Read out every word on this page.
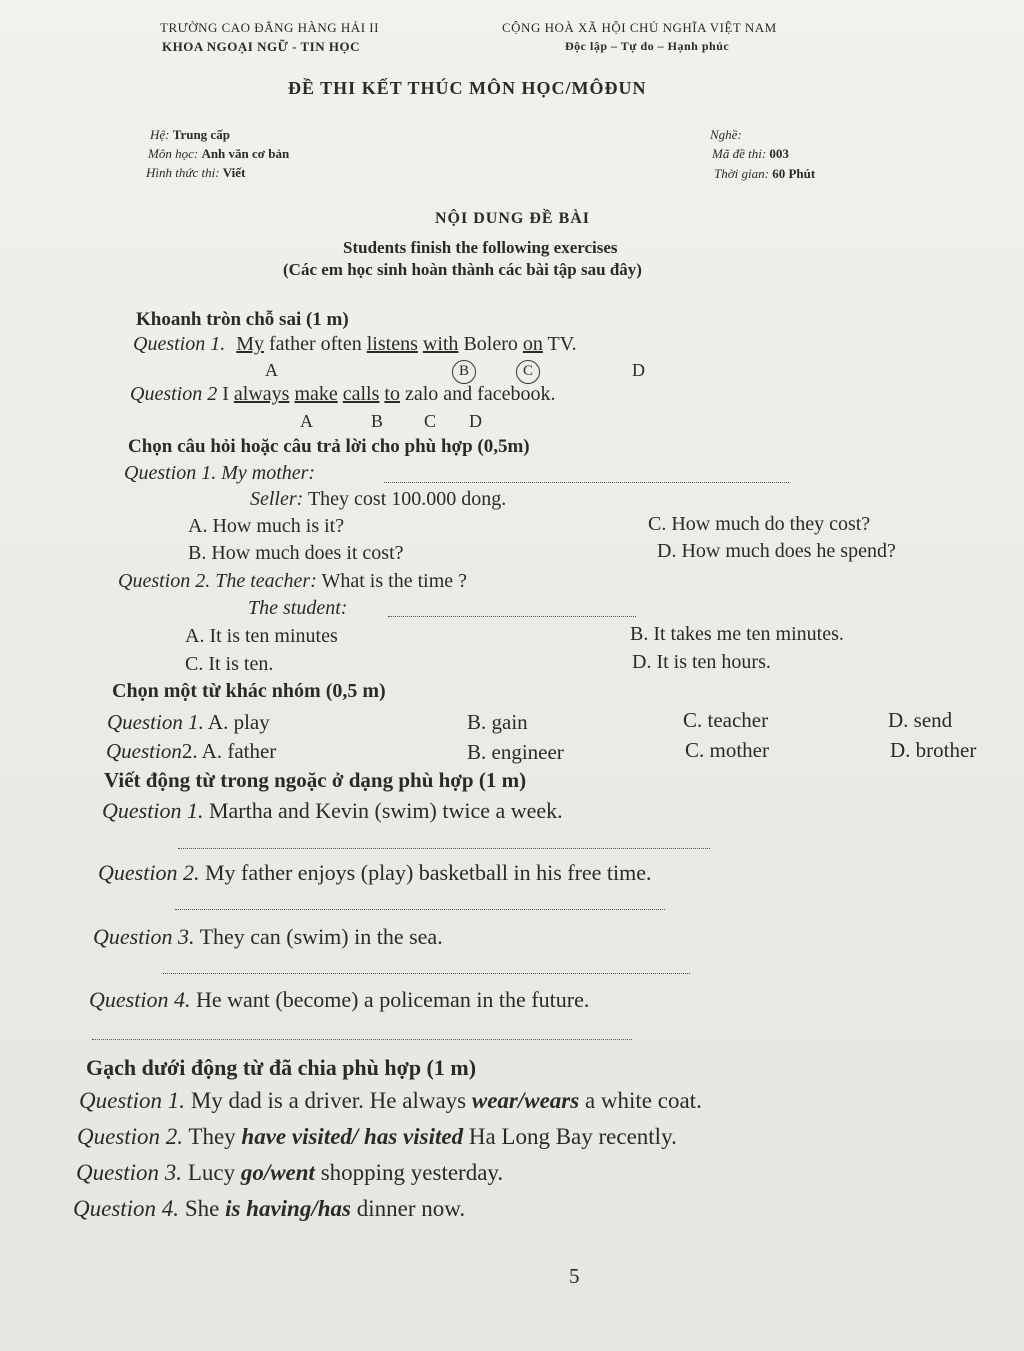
TRƯỜNG CAO ĐẲNG HÀNG HẢI II
KHOA NGOẠI NGỮ - TIN HỌC
CỘNG HOÀ XÃ HỘI CHỦ NGHĨA VIỆT NAM
Độc lập – Tự do – Hạnh phúc
ĐỀ THI KẾT THÚC MÔN HỌC/MÔĐUN
Hệ: Trung cấp
Môn học: Anh văn cơ bản
Hình thức thi: Viết
Nghề:
Mã đề thi: 003
Thời gian: 60 Phút
NỘI DUNG ĐỀ BÀI
Students finish the following exercises
(Các em học sinh hoàn thành các bài tập sau đây)
Khoanh tròn chỗ sai (1 m)
Question 1. My father often listens with Bolero on TV.
A	B	C	D
Question 2 I always make calls to zalo and facebook.
A	B C D
Chọn câu hỏi hoặc câu trả lời cho phù hợp (0,5m)
Question 1. My mother:
Seller: They cost 100.000 dong.
A. How much is it?	C. How much do they cost?
B. How much does it cost?	D. How much does he spend?
Question 2. The teacher: What is the time ?
The student:
A. It is ten minutes	B. It takes me ten minutes.
C. It is ten.	D. It is ten hours.
Chọn một từ khác nhóm (0,5 m)
Question 1. A. play	B. gain	C. teacher	D. send
Question2. A. father	B. engineer	C. mother	D. brother
Viết động từ trong ngoặc ở dạng phù hợp (1 m)
Question 1. Martha and Kevin (swim) twice a week.
Question 2. My father enjoys (play) basketball in his free time.
Question 3. They can (swim) in the sea.
Question 4. He want (become) a policeman in the future.
Gạch dưới động từ đã chia phù hợp (1 m)
Question 1. My dad is a driver. He always wear/wears a white coat.
Question 2. They have visited/ has visited Ha Long Bay recently.
Question 3. Lucy go/went shopping yesterday.
Question 4. She is having/has dinner now.
5
